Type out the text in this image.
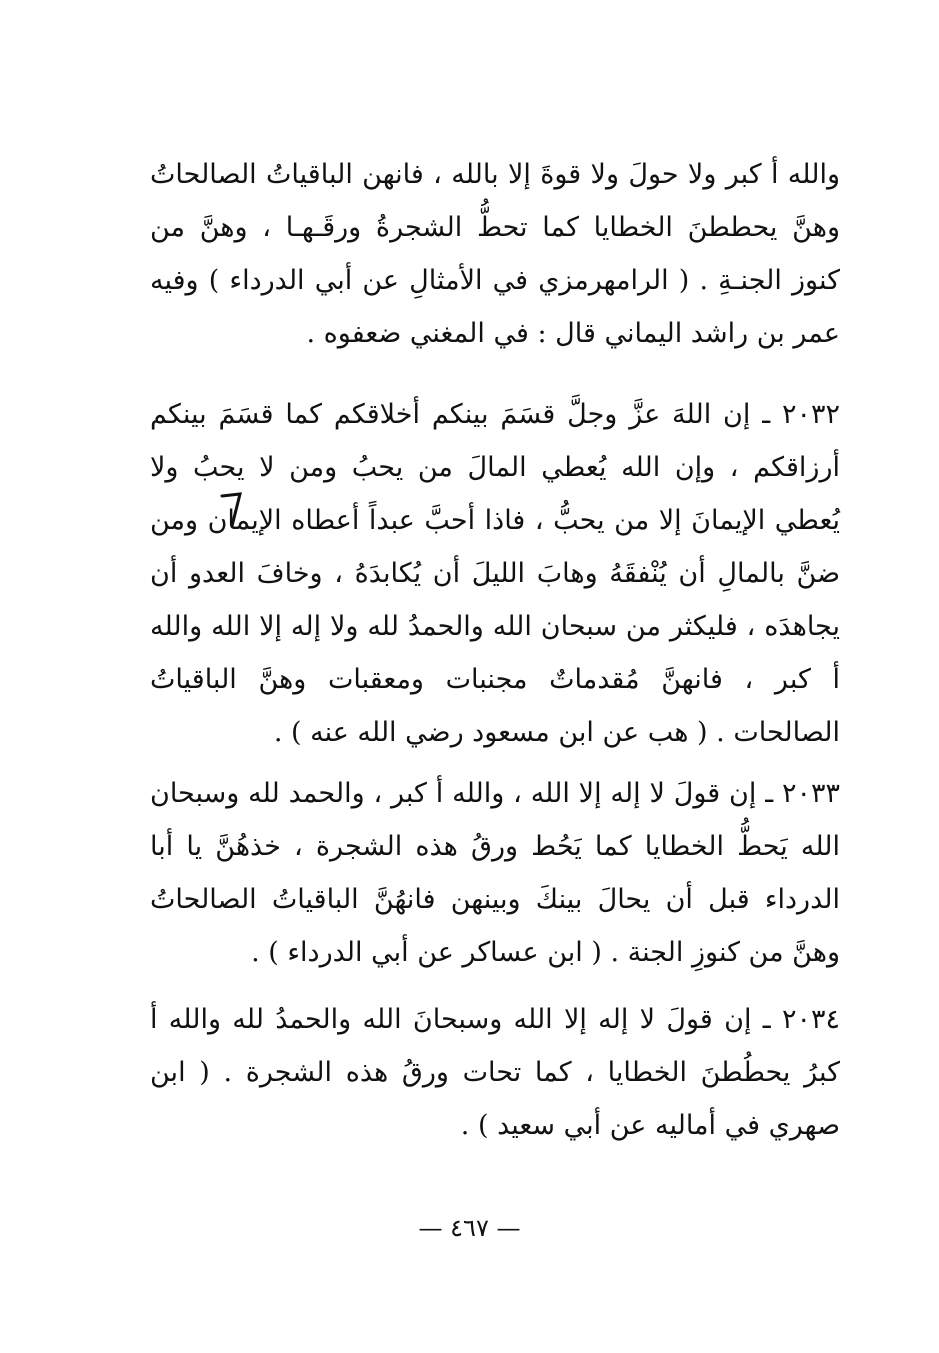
والله أ كبر ولا حولَ ولا قوةَ إلا بالله ، فانهن الباقياتُ الصالحاتُ وهنَّ يحططنَ الخطايا كما تحطُّ الشجرةُ ورقَـهـا ، وهنَّ من كنوز الجنـةِ . ( الرامهرمزي في الأمثالِ عن أبي الدرداء ) وفيه عمر بن راشد اليماني قال : في المغني ضعفوه .

٢٠٣٢ ـ إن اللهَ عزَّ وجلَّ قسَمَ بينكم أخلاقكم كما قسَمَ بينكم أرزاقكم ، وإن الله يُعطي المالَ من يحبُ ومن لا يحبُ ولا يُعطي الإيمانَ إلا من يحبُّ ، فاذا أحبَّ عبداً أعطاه الإيمان ومن ضنَّ بالمالِ أن يُنْفقَهُ وهابَ الليلَ أن يُكابدَهُ ، وخافَ العدو أن يجاهدَه ، فليكثر من سبحان الله والحمدُ لله ولا إله إلا الله والله أ كبر ، فانهنَّ مُقدماتٌ مجنبات ومعقبات وهنَّ الباقياتُ الصالحات . ( هب عن ابن مسعود رضي الله عنه ) .

٢٠٣٣ ـ إن قولَ لا إله إلا الله ، والله أ كبر ، والحمد لله وسبحان الله يَحطُّ الخطايا كما يَحُط ورقُ هذه الشجرة ، خذهُنَّ يا أبا الدرداء قبل أن يحالَ بينكَ وبينهن فانهُنَّ الباقياتُ الصالحاتُ وهنَّ من كنوزِ الجنة . ( ابن عساكر عن أبي الدرداء ) .

٢٠٣٤ ـ إن قولَ لا إله إلا الله وسبحانَ الله والحمدُ لله والله أ كبرُ يحطُطنَ الخطايا ، كما تحات ورقُ هذه الشجرة . ( ابن صهري في أماليه عن أبي سعيد ) .

— ٤٦٧ —
